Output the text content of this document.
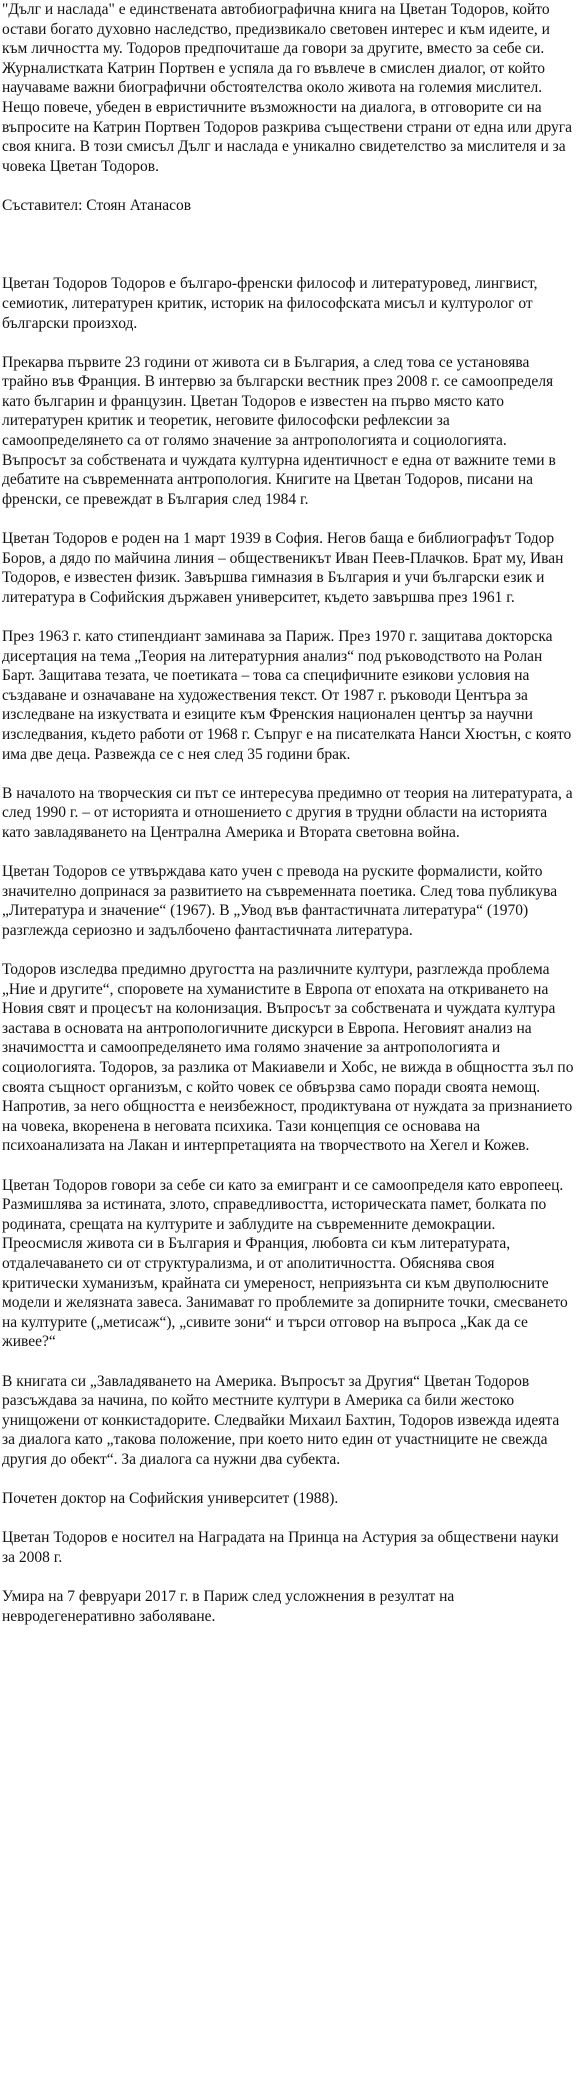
"Дълг и наслада" е единствената автобиографична книга на Цветан Тодоров, който остави богато духовно наследство, предизвикало световен интерес и към идеите, и към личността му. Тодоров предпочиташе да говори за другите, вместо за себе си. Журналистката Катрин Портвен е успяла да го въвлече в смислен диалог, от който научаваме важни биографични обстоятелства около живота на големия мислител. Нещо повече, убеден в евристичните възможности на диалога, в отговорите си на въпросите на Катрин Портвен Тодоров разкрива съществени страни от една или друга своя книга. В този смисъл Дълг и наслада е уникално свидетелство за мислителя и за човека Цветан Тодоров.

Съставител: Стоян Атанасов

Цветан Тодоров Тодоров е българо-френски философ и литературовед, лингвист, семиотик, литературен критик, историк на философската мисъл и културолог от български произход.

Прекарва първите 23 години от живота си в България, а след това се установява трайно във Франция. В интервю за български вестник през 2008 г. се самоопределя като българин и французин. Цветан Тодоров е известен на първо място като литературен критик и теоретик, неговите философски рефлексии за самоопределянето са от голямо значение за антропологията и социологията. Въпросът за собствената и чуждата културна идентичност е една от важните теми в дебатите на съвременната антропология. Книгите на Цветан Тодоров, писани на френски, се превеждат в България след 1984 г.

Цветан Тодоров е роден на 1 март 1939 в София. Негов баща е библиографът Тодор Боров, а дядо по майчина линия – общественикът Иван Пеев-Плачков. Брат му, Иван Тодоров, е известен физик. Завършва гимназия в България и учи български език и литература в Софийския държавен университет, където завършва през 1961 г.

През 1963 г. като стипендиант заминава за Париж. През 1970 г. защитава докторска дисертация на тема „Теория на литературния анализ“ под ръководството на Ролан Барт. Защитава тезата, че поетиката – това са специфичните езикови условия на създаване и означаване на художествения текст. От 1987 г. ръководи Центъра за изследване на изкуствата и езиците към Френския национален център за научни изследвания, където работи от 1968 г. Съпруг е на писателката Нанси Хюстън, с която има две деца. Развежда се с нея след 35 години брак.

В началото на творческия си път се интересува предимно от теория на литературата, а след 1990 г. – от историята и отношението с другия в трудни области на историята като завладяването на Централна Америка и Втората световна война.

Цветан Тодоров се утвърждава като учен с превода на руските формалисти, който значително допринася за развитието на съвременната поетика. След това публикува „Литература и значение“ (1967). В „Увод във фантастичната литература“ (1970) разглежда сериозно и задълбочено фантастичната литература.

Тодоров изследва предимно другостта на различните култури, разглежда проблема „Ние и другите“, споровете на хуманистите в Европа от епохата на откриването на Новия свят и процесът на колонизация. Въпросът за собствената и чуждата култура застава в основата на антропологичните дискурси в Европа. Неговият анализ на значимостта и самоопределянето има голямо значение за антропологията и социологията. Тодоров, за разлика от Макиавели и Хобс, не вижда в общността зъл по своята същност организъм, с който човек се обвързва само поради своята немощ. Напротив, за него общността е неизбежност, продиктувана от нуждата за признанието на човека, вкоренена в неговата психика. Тази концепция се основава на психоанализата на Лакан и интерпретацията на творчеството на Хегел и Кожев.

Цветан Тодоров говори за себе си като за емигрант и се самоопределя като европеец. Размишлява за истината, злото, справедливостта, историческата памет, болката по родината, срещата на културите и заблудите на съвременните демокрации. Преосмисля живота си в България и Франция, любовта си към литературата, отдалечаването си от структурализма, и от аполитичността. Обяснява своя критически хуманизъм, крайната си умереност, неприязънта си към двуполюсните модели и желязната завеса. Занимават го проблемите за допирните точки, смесването на културите („метисаж“), „сивите зони“ и търси отговор на въпроса „Как да се живее?“

В книгата си „Завладяването на Америка. Въпросът за Другия“ Цветан Тодоров разсъждава за начина, по който местните култури в Америка са били жестоко унищожени от конкистадорите. Следвайки Михаил Бахтин, Тодоров извежда идеята за диалога като „такова положение, при което нито един от участниците не свежда другия до обект“. За диалога са нужни два субекта.

Почетен доктор на Софийския университет (1988).

Цветан Тодоров е носител на Наградата на Принца на Астурия за обществени науки за 2008 г.

Умира на 7 февруари 2017 г. в Париж след усложнения в резултат на невродегенеративно заболяване.
